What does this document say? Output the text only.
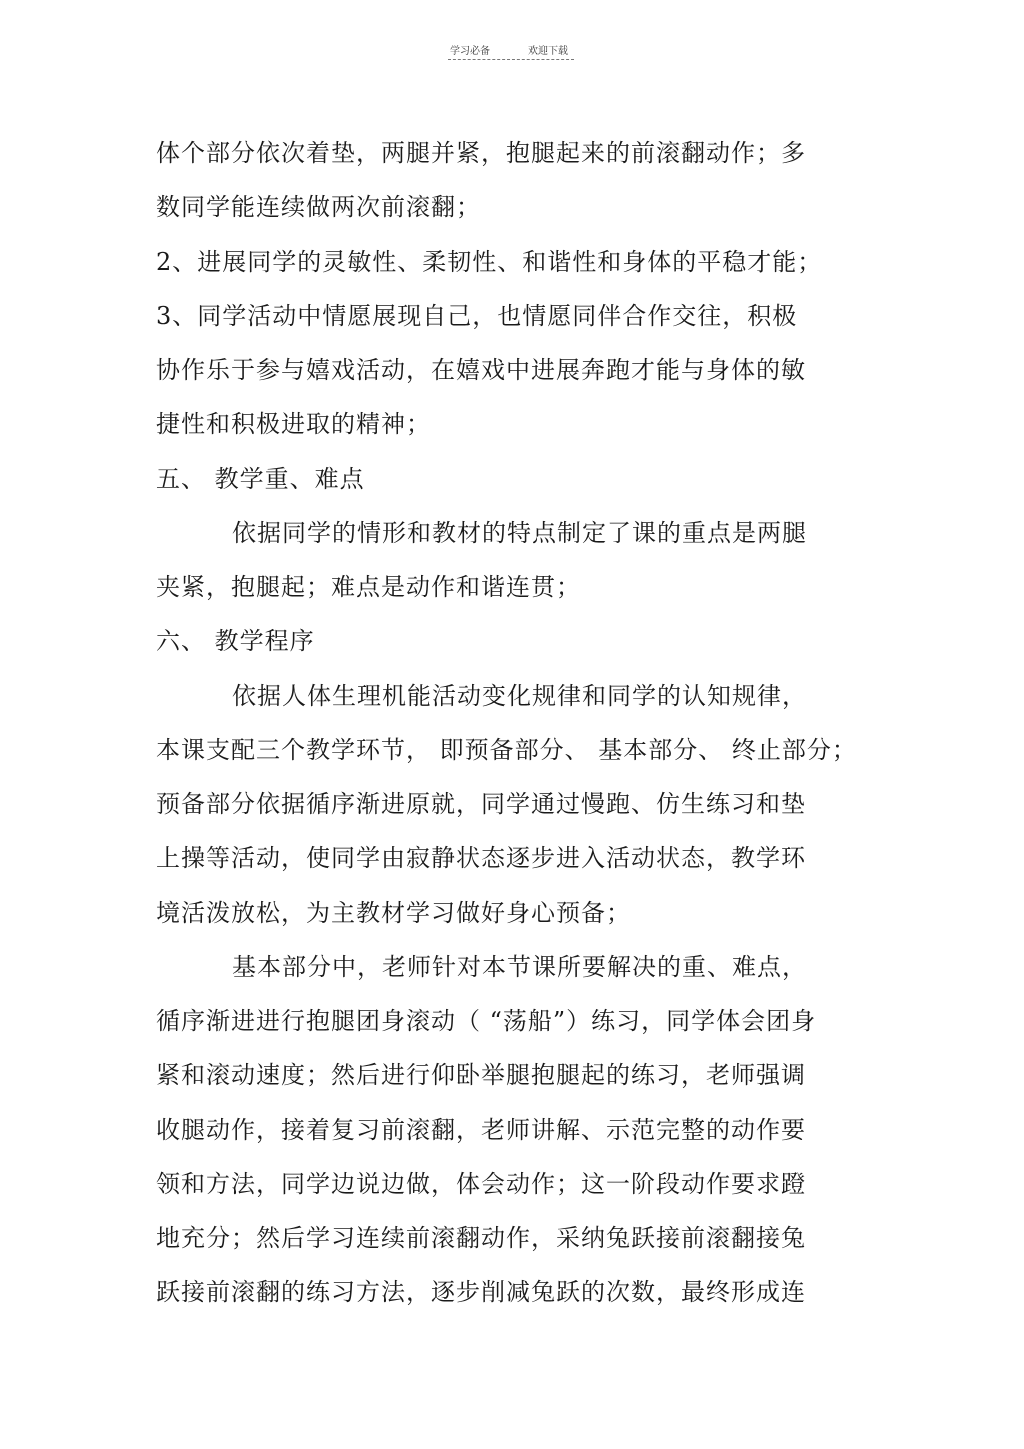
学习必备	欢迎下载
体个部分依次着垫，两腿并紧，抱腿起来的前滚翻动作；多
数同学能连续做两次前滚翻；
2、进展同学的灵敏性、柔韧性、和谐性和身体的平稳才能；
3、同学活动中情愿展现自己，也情愿同伴合作交往，积极
协作乐于参与嬉戏活动，在嬉戏中进展奔跑才能与身体的敏
捷性和积极进取的精神；
五、 教学重、难点
依据同学的情形和教材的特点制定了课的重点是两腿
夹紧，抱腿起；难点是动作和谐连贯；
六、 教学程序
依据人体生理机能活动变化规律和同学的认知规律，
本课支配三个教学环节， 即预备部分、 基本部分、 终止部分；
预备部分依据循序渐进原就，同学通过慢跑、仿生练习和垫
上操等活动，使同学由寂静状态逐步进入活动状态，教学环
境活泼放松，为主教材学习做好身心预备；
基本部分中，老师针对本节课所要解决的重、难点，
循序渐进进行抱腿团身滚动（ “荡船”）练习，同学体会团身
紧和滚动速度；然后进行仰卧举腿抱腿起的练习，老师强调
收腿动作，接着复习前滚翻，老师讲解、示范完整的动作要
领和方法，同学边说边做，体会动作；这一阶段动作要求蹬
地充分；然后学习连续前滚翻动作，采纳兔跃接前滚翻接兔
跃接前滚翻的练习方法，逐步削减兔跃的次数，最终形成连
